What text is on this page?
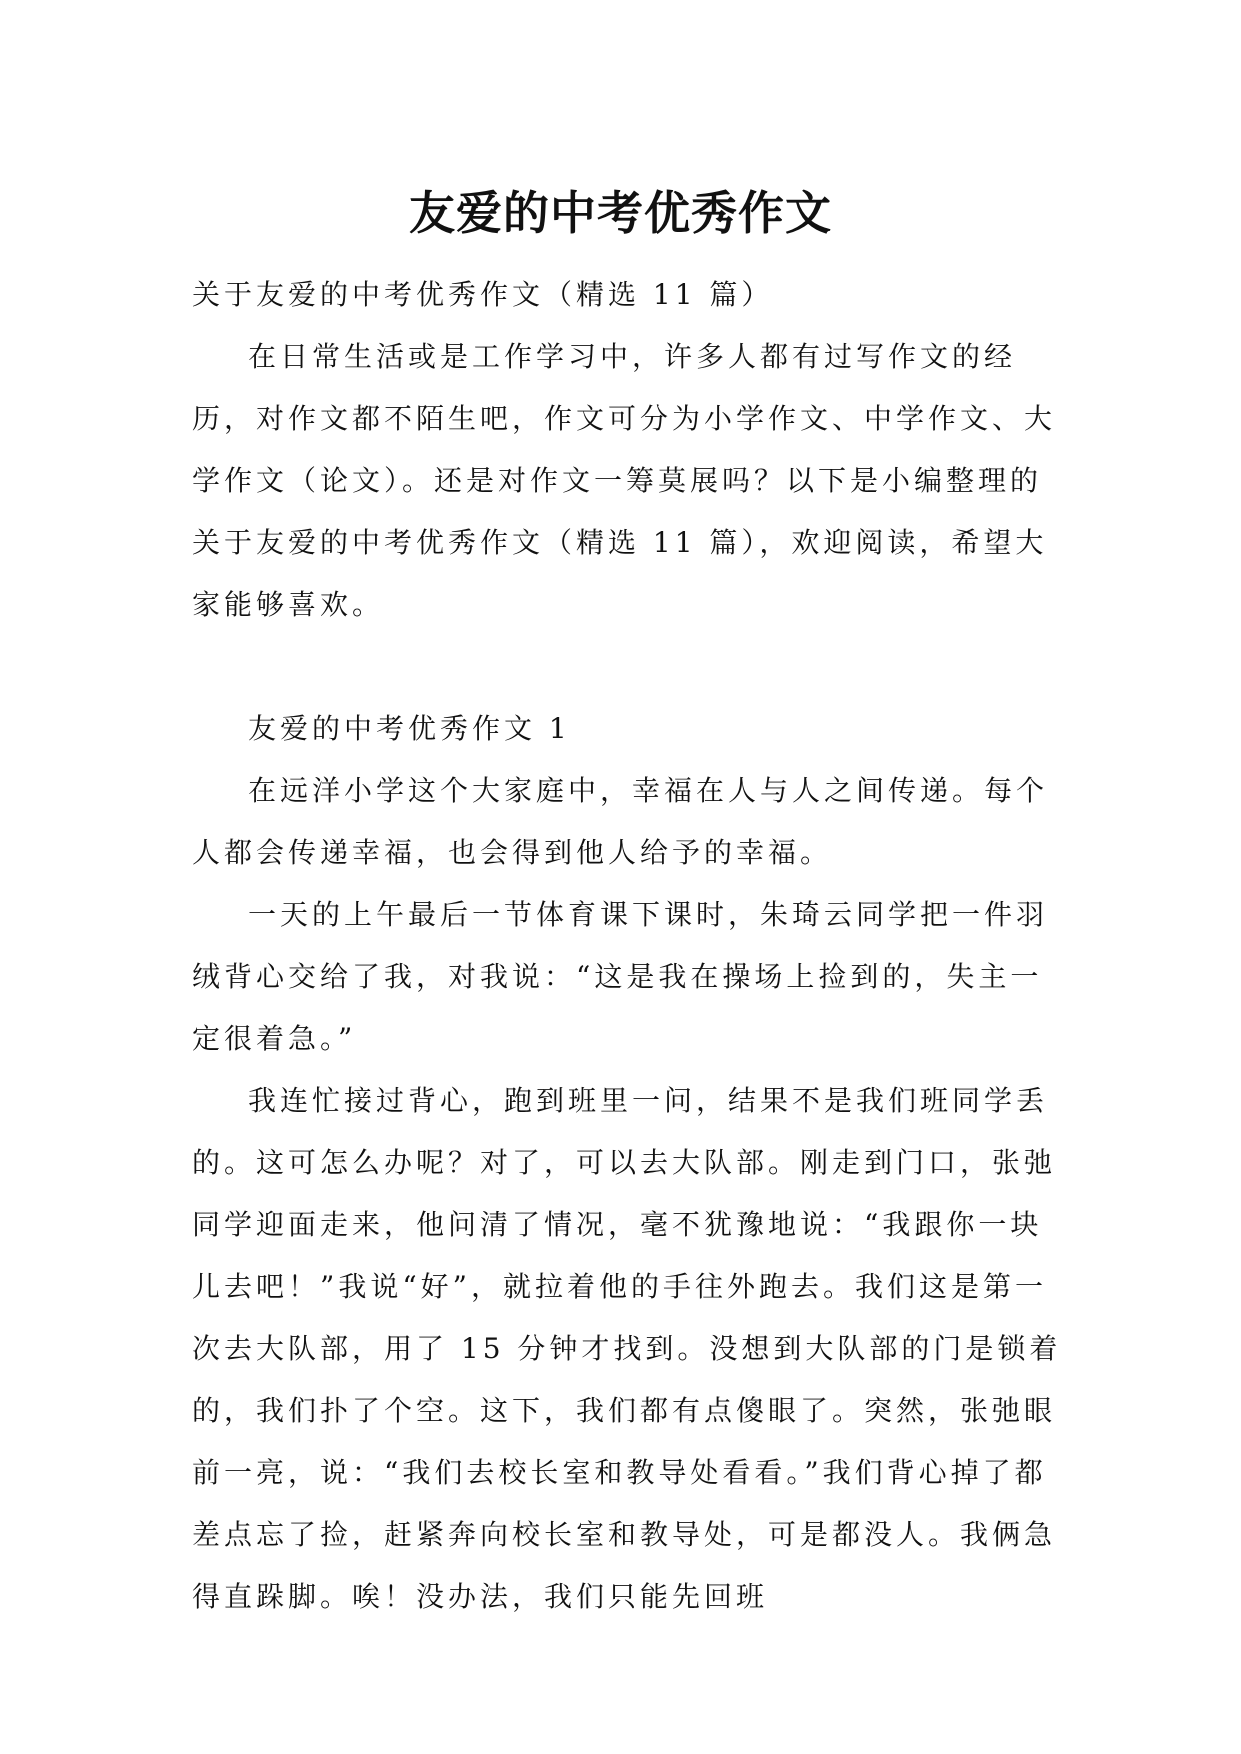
友爱的中考优秀作文

关于友爱的中考优秀作文（精选 11 篇）

在日常生活或是工作学习中，许多人都有过写作文的经历，对作文都不陌生吧，作文可分为小学作文、中学作文、大学作文（论文）。还是对作文一筹莫展吗？以下是小编整理的关于友爱的中考优秀作文（精选 11 篇），欢迎阅读，希望大家能够喜欢。

友爱的中考优秀作文 1

在远洋小学这个大家庭中，幸福在人与人之间传递。每个人都会传递幸福，也会得到他人给予的幸福。

一天的上午最后一节体育课下课时，朱琦云同学把一件羽绒背心交给了我，对我说：“这是我在操场上捡到的，失主一定很着急。”

我连忙接过背心，跑到班里一问，结果不是我们班同学丢的。这可怎么办呢？对了，可以去大队部。刚走到门口，张弛同学迎面走来，他问清了情况，毫不犹豫地说：“我跟你一块儿去吧！”我说“好”，就拉着他的手往外跑去。我们这是第一次去大队部，用了 15 分钟才找到。没想到大队部的门是锁着的，我们扑了个空。这下，我们都有点傻眼了。突然，张弛眼前一亮，说：“我们去校长室和教导处看看。”我们背心掉了都差点忘了捡，赶紧奔向校长室和教导处，可是都没人。我俩急得直跺脚。唉！没办法，我们只能先回班
